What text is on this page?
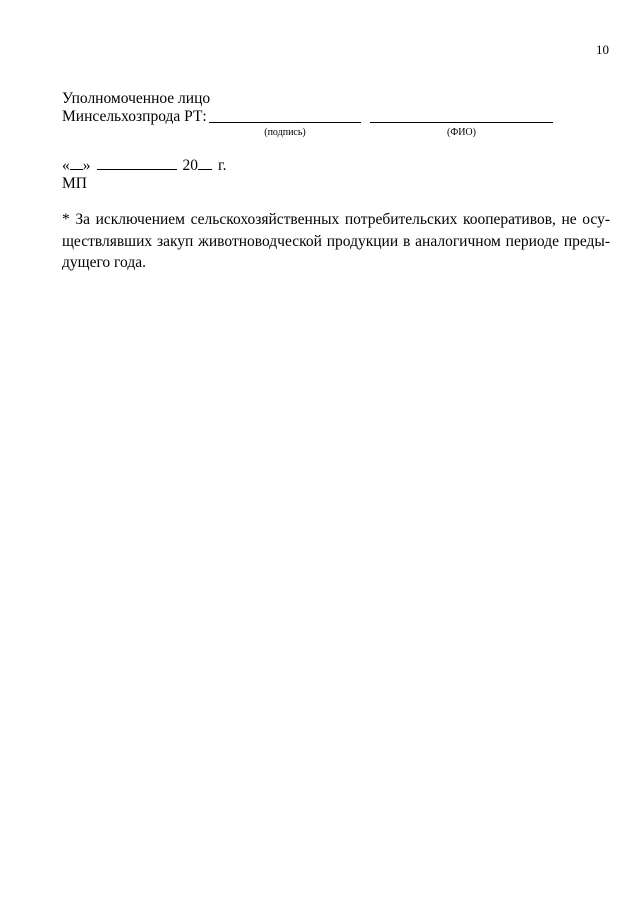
10
Уполномоченное лицо
Минсельхозпрода РТ:
(подпись)	(ФИО)
« »	20 г.
МП
* За исключением сельскохозяйственных потребительских кооперативов, не осу-
ществлявших закуп животноводческой продукции в аналогичном периоде преды-
дущего года.
